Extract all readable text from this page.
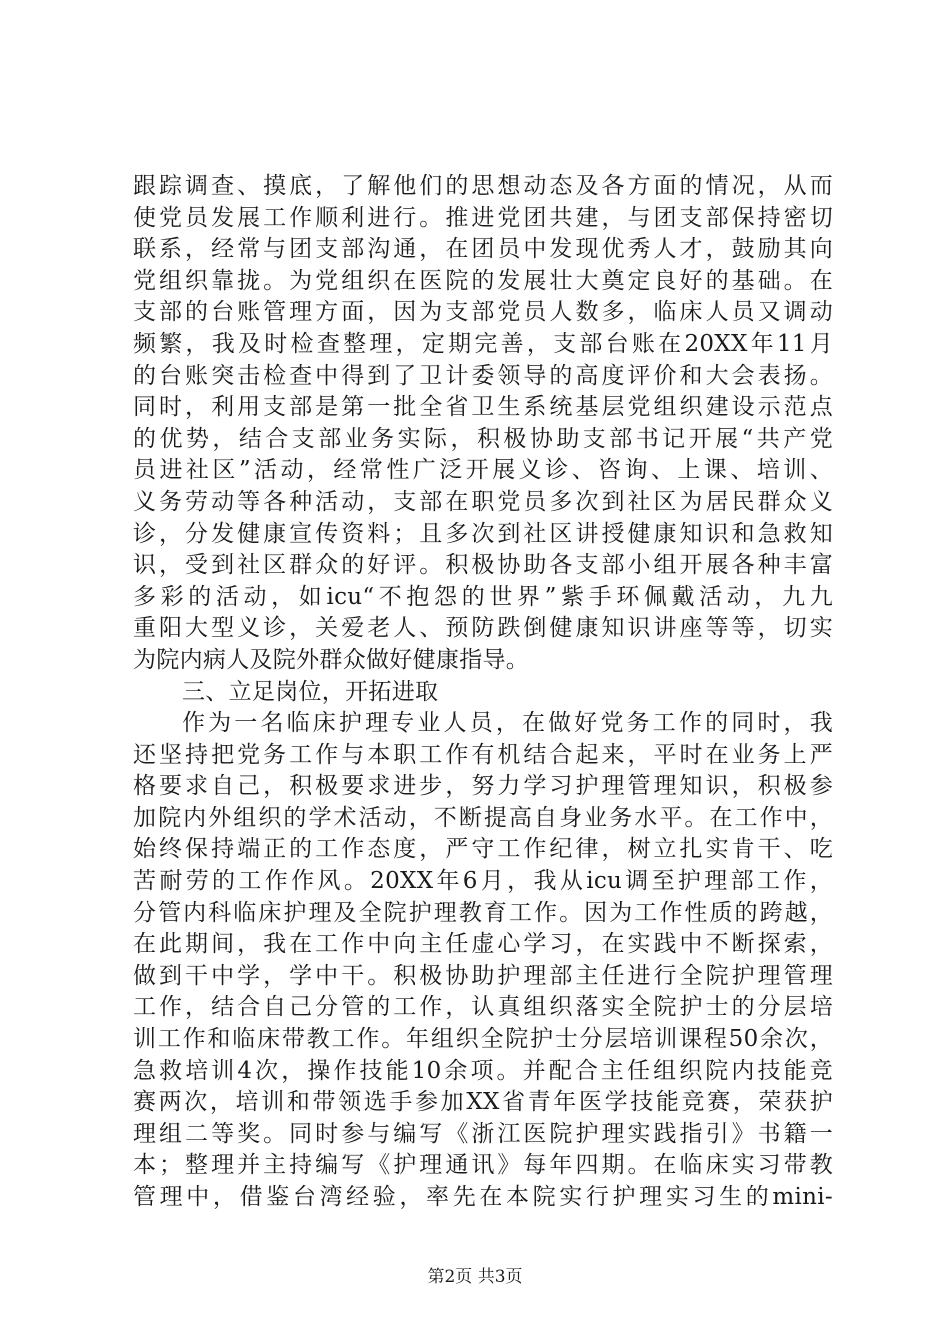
跟踪调查、摸底，了解他们的思想动态及各方面的情况，从而
使党员发展工作顺利进行。推进党团共建，与团支部保持密切
联系，经常与团支部沟通，在团员中发现优秀人才，鼓励其向
党组织靠拢。为党组织在医院的发展壮大奠定良好的基础。在
支部的台账管理方面，因为支部党员人数多，临床人员又调动
频繁，我及时检查整理，定期完善，支部台账在20XX年11月
的台账突击检查中得到了卫计委领导的高度评价和大会表扬。
同时，利用支部是第一批全省卫生系统基层党组织建设示范点
的优势，结合支部业务实际，积极协助支部书记开展“共产党
员进社区”活动，经常性广泛开展义诊、咨询、上课、培训、
义务劳动等各种活动，支部在职党员多次到社区为居民群众义
诊，分发健康宣传资料；且多次到社区讲授健康知识和急救知
识，受到社区群众的好评。积极协助各支部小组开展各种丰富
多彩的活动，如icu“不抱怨的世界”紫手环佩戴活动，九九
重阳大型义诊，关爱老人、预防跌倒健康知识讲座等等，切实
为院内病人及院外群众做好健康指导。
三、立足岗位，开拓进取
作为一名临床护理专业人员，在做好党务工作的同时，我
还坚持把党务工作与本职工作有机结合起来，平时在业务上严
格要求自己，积极要求进步，努力学习护理管理知识，积极参
加院内外组织的学术活动，不断提高自身业务水平。在工作中，
始终保持端正的工作态度，严守工作纪律，树立扎实肯干、吃
苦耐劳的工作作风。20XX年6月，我从icu调至护理部工作，
分管内科临床护理及全院护理教育工作。因为工作性质的跨越，
在此期间，我在工作中向主任虚心学习，在实践中不断探索，
做到干中学，学中干。积极协助护理部主任进行全院护理管理
工作，结合自己分管的工作，认真组织落实全院护士的分层培
训工作和临床带教工作。年组织全院护士分层培训课程50余次，
急救培训4次，操作技能10余项。并配合主任组织院内技能竞
赛两次，培训和带领选手参加XX省青年医学技能竞赛，荣获护
理组二等奖。同时参与编写《浙江医院护理实践指引》书籍一
本；整理并主持编写《护理通讯》每年四期。在临床实习带教
管理中，借鉴台湾经验，率先在本院实行护理实习生的mini-
第2页 共3页
